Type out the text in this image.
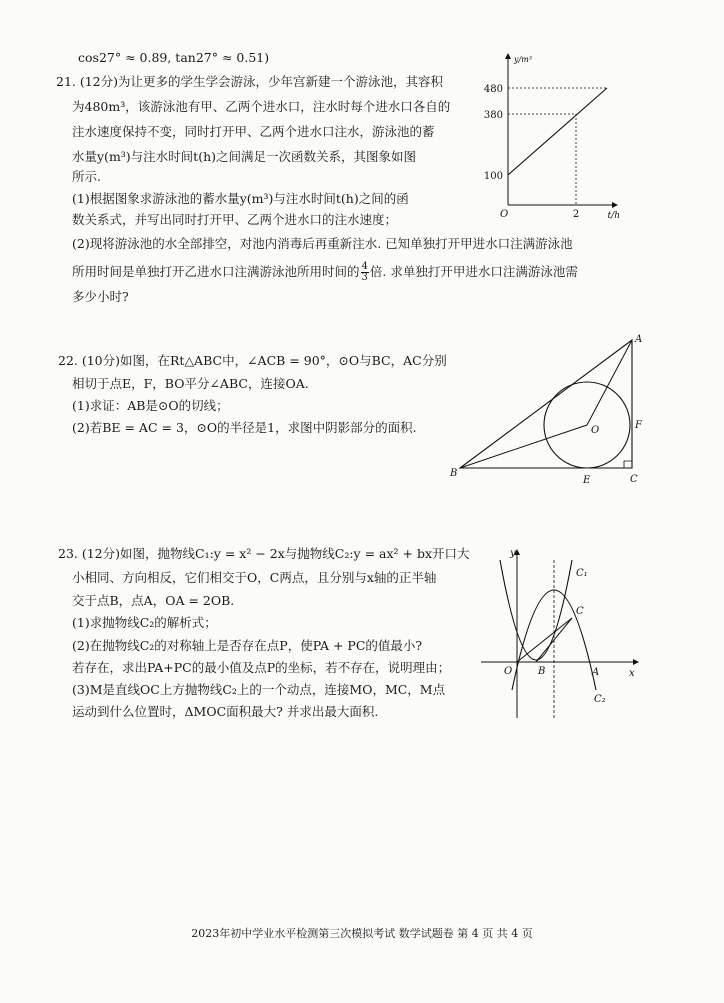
cos27° ≈ 0.89, tan27° ≈ 0.51)
21. (12分)为让更多的学生学会游泳，少年宫新建一个游泳池，其容积
为480m³，该游泳池有甲、乙两个进水口，注水时每个进水口各自的
注水速度保持不变，同时打开甲、乙两个进水口注水，游泳池的蓄
水量y(m³)与注水时间t(h)之间满足一次函数关系，其图象如图
所示.
(1)根据图象求游泳池的蓄水量y(m³)与注水时间t(h)之间的函
数关系式，并写出同时打开甲、乙两个进水口的注水速度；
(2)现将游泳池的水全部排空，对池内消毒后再重新注水. 已知单独打开甲进水口注满游泳池
所用时间是单独打开乙进水口注满游泳池所用时间的 $\frac{4}{3}$ 倍. 求单独打开甲进水口注满游泳池需
多少小时?
y/m³
t/h
O
480
380
100
2
22. (10分)如图，在Rt△ABC中，∠ACB = 90°，⊙O与BC，AC分别
相切于点E，F，BO平分∠ABC，连接OA.
(1)求证：AB是⊙O的切线；
(2)若BE = AC = 3，⊙O的半径是1，求图中阴影部分的面积.
A
B
C
E
F
O
23. (12分)如图，抛物线C₁:y = x² − 2x与抛物线C₂:y = ax² + bx开口大
小相同、方向相反，它们相交于O，C两点，且分别与x轴的正半轴
交于点B，点A，OA = 2OB.
(1)求抛物线C₂的解析式；
(2)在抛物线C₂的对称轴上是否存在点P，使PA + PC的值最小?
若存在，求出PA+PC的最小值及点P的坐标，若不存在，说明理由；
(3)M是直线OC上方抛物线C₂上的一个动点，连接MO，MC，M点
运动到什么位置时，ΔMOC面积最大? 并求出最大面积.
y
x
O	B	A
C
C₁
C₂
2023年初中学业水平检测第三次模拟考试 数学试题卷 第 4 页 共 4 页
